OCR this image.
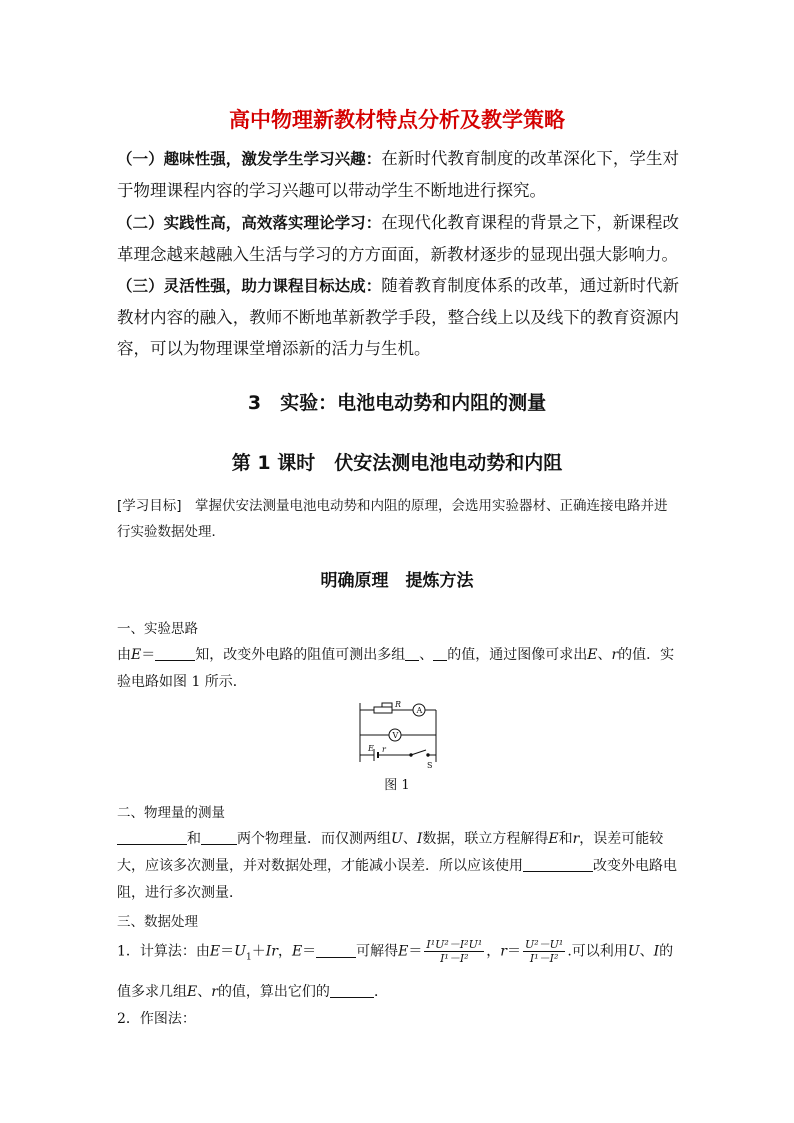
高中物理新教材特点分析及教学策略
（一）趣味性强，激发学生学习兴趣：在新时代教育制度的改革深化下，学生对于物理课程内容的学习兴趣可以带动学生不断地进行探究。
（二）实践性高，高效落实理论学习：在现代化教育课程的背景之下，新课程改革理念越来越融入生活与学习的方方面面，新教材逐步的显现出强大影响力。
（三）灵活性强，助力课程目标达成：随着教育制度体系的改革，通过新时代新教材内容的融入，教师不断地革新教学手段，整合线上以及线下的教育资源内容，可以为物理课堂增添新的活力与生机。
3　实验：电池电动势和内阻的测量
第 1 课时　伏安法测电池电动势和内阻
[学习目标]　掌握伏安法测量电池电动势和内阻的原理，会选用实验器材、正确连接电路并进行实验数据处理．
明确原理　提炼方法
一、实验思路
由E＝	知，改变外电路的阻值可测出多组 、 的值，通过图像可求出E、r的值．实
验电路如图 1 所示．
R
A
V
E r
S
图 1
二、物理量的测量
和	两个物理量．而仅测两组U、I数据，联立方程解得E和r，误差可能较
大，应该多次测量，并对数据处理，才能减小误差．所以应该使用	改变外电路电
阻，进行多次测量．
三、数据处理
1．计算法：由$E=U_1+Ir$，E＝	可解得$E= \frac{\text{I¹U²－I²U¹}}{\text{I¹－I²}}$ ，$r= \frac{\text{U²－U¹}}{\text{I¹－I²}}$ .可以利用U、I的
值多求几组E、r的值，算出它们的	．
2．作图法：
